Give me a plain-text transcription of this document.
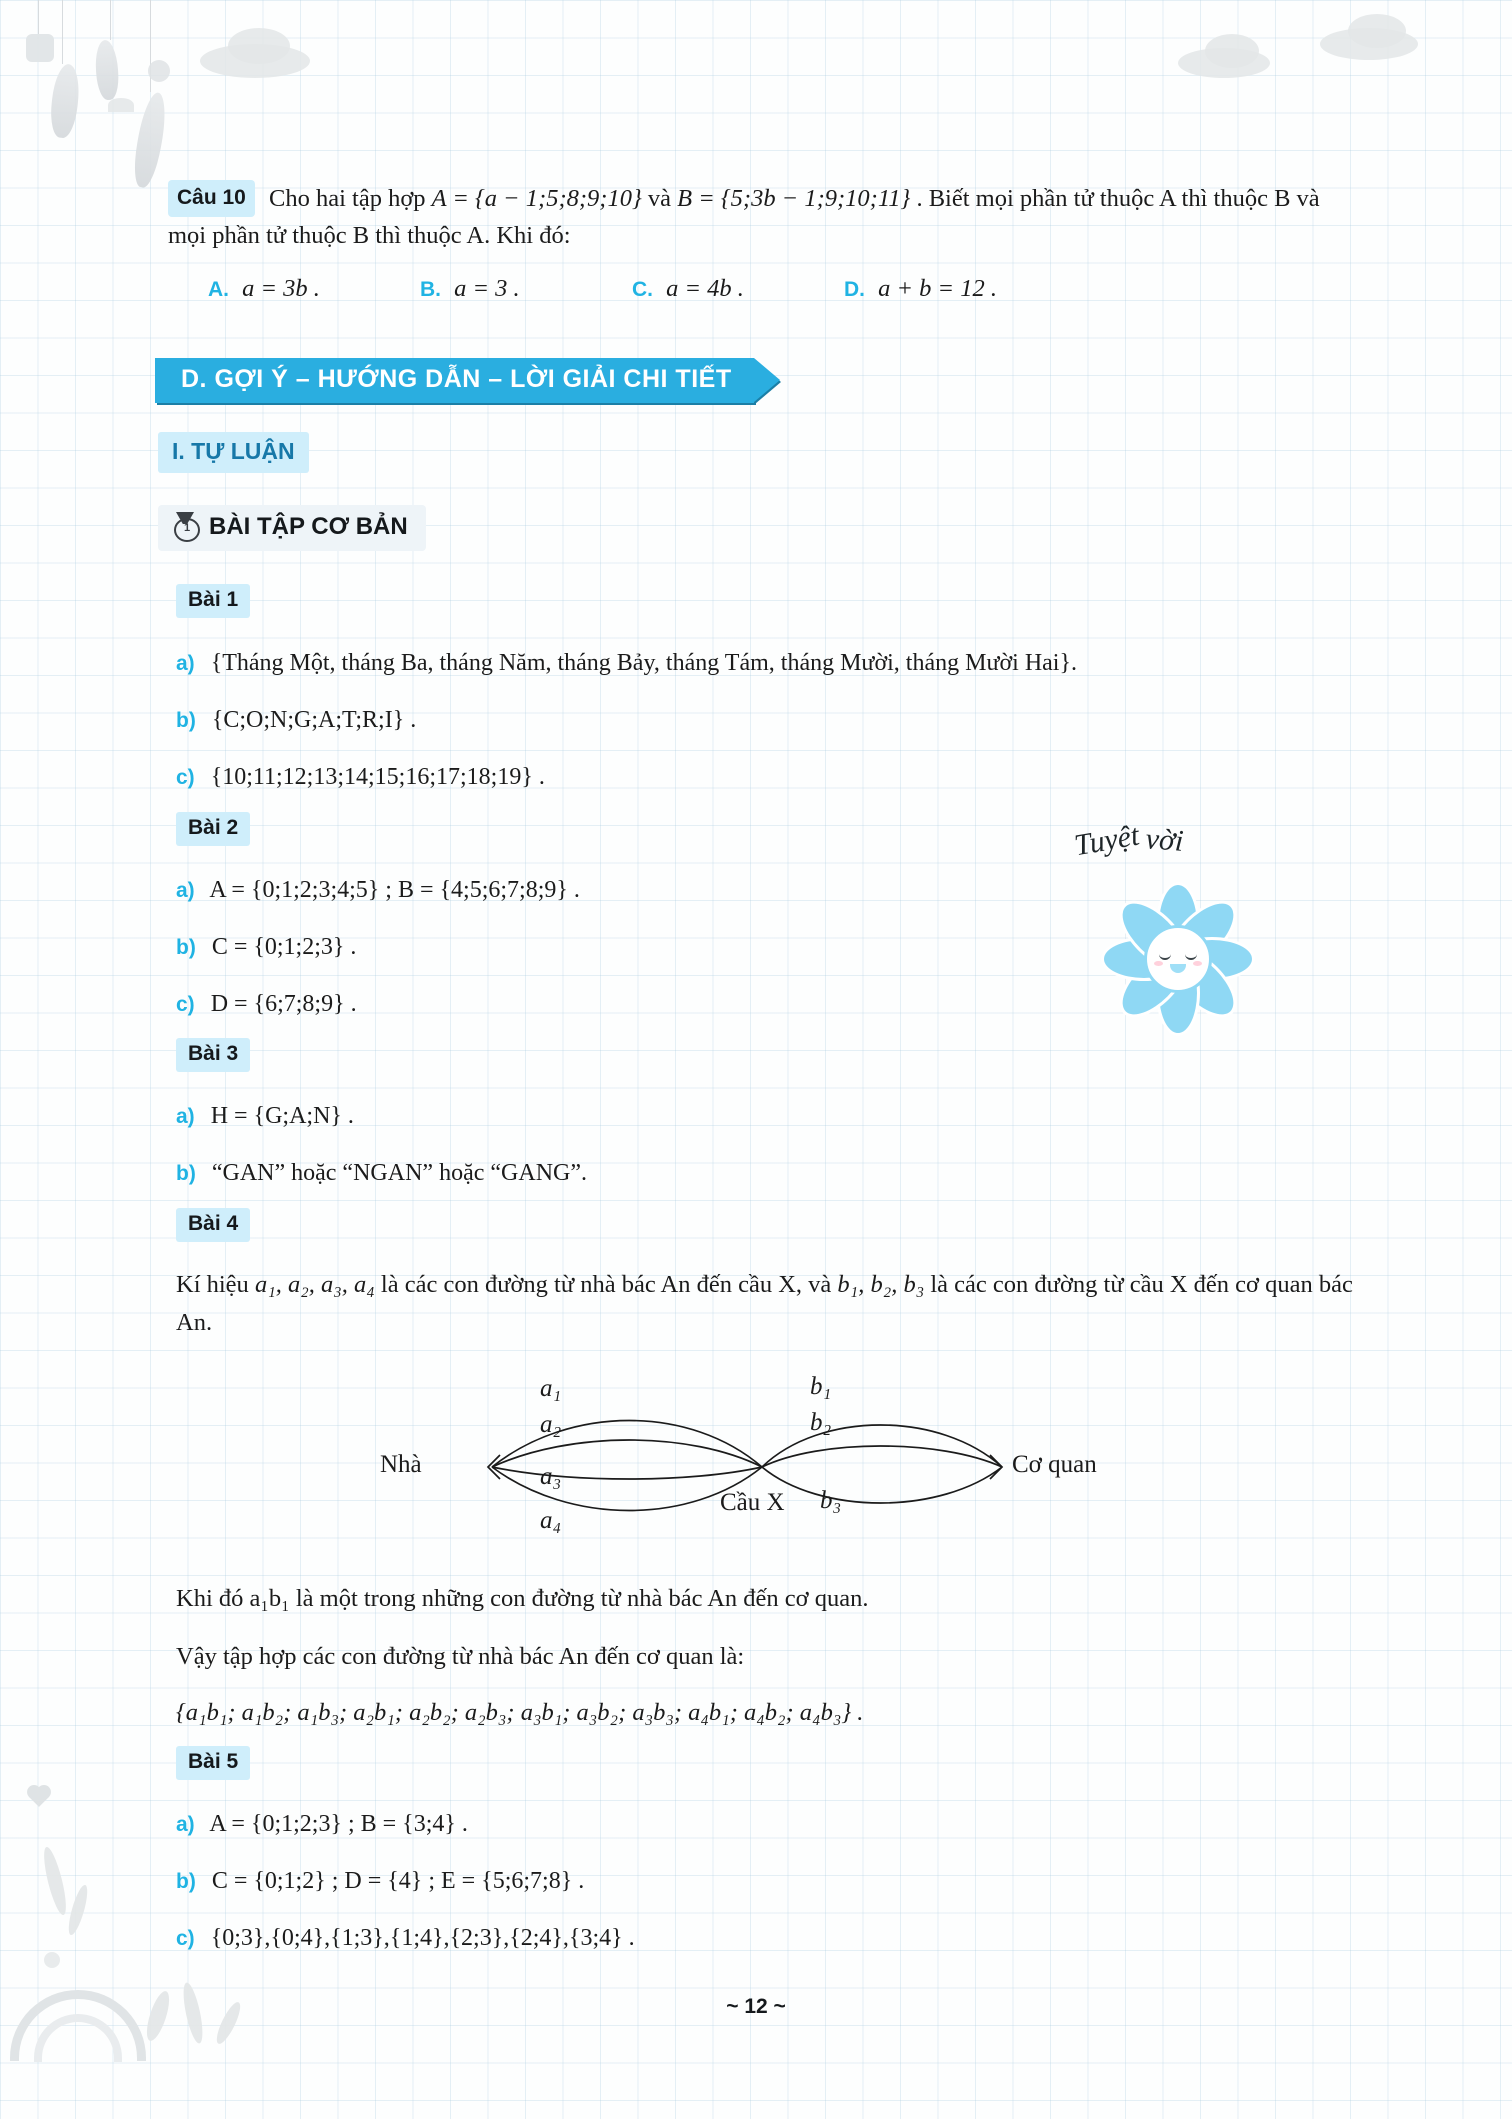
Câu 10 Cho hai tập hợp A = {a − 1;5;8;9;10} và B = {5;3b − 1;9;10;11} . Biết mọi phần tử thuộc A thì thuộc B và mọi phần tử thuộc B thì thuộc A. Khi đó:
A. a = 3b .	B. a = 3 .	C. a = 4b .	D. a + b = 12 .
D. GỢI Ý – HƯỚNG DẪN – LỜI GIẢI CHI TIẾT
I. TỰ LUẬN
1 BÀI TẬP CƠ BẢN
Bài 1
a) {Tháng Một, tháng Ba, tháng Năm, tháng Bảy, tháng Tám, tháng Mười, tháng Mười Hai}.
b) {C;O;N;G;A;T;R;I} .
c) {10;11;12;13;14;15;16;17;18;19} .
Bài 2
a) A = {0;1;2;3;4;5} ; B = {4;5;6;7;8;9} .
b) C = {0;1;2;3} .
c) D = {6;7;8;9} .
Bài 3
a) H = {G;A;N} .
b) “GAN” hoặc “NGAN” hoặc “GANG”.
Bài 4
Kí hiệu a₁, a₂, a₃, a₄ là các con đường từ nhà bác An đến cầu X, và b₁, b₂, b₃ là các con đường từ cầu X đến cơ quan bác An.
a₁
a₂
a₃
a₄
b₁
b₂
b₃
Nhà
Cầu X
Cơ quan
Khi đó a₁b₁ là một trong những con đường từ nhà bác An đến cơ quan.
Vậy tập hợp các con đường từ nhà bác An đến cơ quan là:
{a₁b₁; a₁b₂; a₁b₃; a₂b₁; a₂b₂; a₂b₃; a₃b₁; a₃b₂; a₃b₃; a₄b₁; a₄b₂; a₄b₃} .
Bài 5
a) A = {0;1;2;3} ; B = {3;4} .
b) C = {0;1;2} ; D = {4} ; E = {5;6;7;8} .
c) {0;3},{0;4},{1;3},{1;4},{2;3},{2;4},{3;4} .
Tuyệt vời
~ 12 ~
